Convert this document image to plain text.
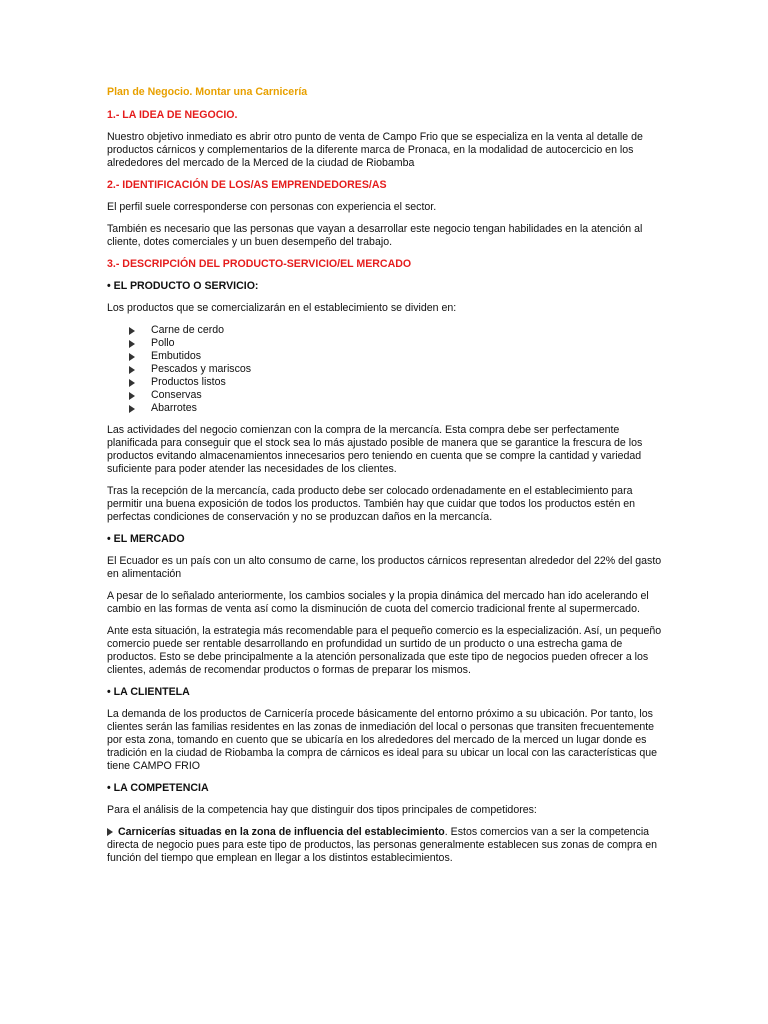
Plan de Negocio. Montar una Carnicería
1.- LA IDEA DE NEGOCIO.

Nuestro objetivo inmediato es abrir otro punto de venta de Campo Frio que se especializa en la venta al detalle de productos cárnicos y complementarios de la diferente marca de Pronaca, en la modalidad de autocercicio en los alrededores del mercado de la Merced de la ciudad de Riobamba

2.- IDENTIFICACIÓN DE LOS/AS EMPRENDEDORES/AS

El perfil suele corresponderse con personas con experiencia el sector.

También es necesario que las personas que vayan a desarrollar este negocio tengan habilidades en la atención al cliente, dotes comerciales y un buen desempeño del trabajo.

3.- DESCRIPCIÓN DEL PRODUCTO-SERVICIO/EL MERCADO
• EL PRODUCTO O SERVICIO:

Los productos que se comercializarán en el establecimiento se dividen en:

Carne de cerdo
Pollo
Embutidos
Pescados y mariscos
Productos listos
Conservas
Abarrotes

Las actividades del negocio comienzan con la compra de la mercancía. Esta compra debe ser perfectamente planificada para conseguir que el stock sea lo más ajustado posible de manera que se garantice la frescura de los productos evitando almacenamientos innecesarios pero teniendo en cuenta que se compre la cantidad y variedad suficiente para poder atender las necesidades de los clientes.

Tras la recepción de la mercancía, cada producto debe ser colocado ordenadamente en el establecimiento para permitir una buena exposición de todos los productos. También hay que cuidar que todos los productos estén en perfectas condiciones de conservación y no se produzcan daños en la mercancía.

• EL MERCADO

El Ecuador es un país con un alto consumo de carne, los productos cárnicos representan alrededor del 22% del gasto en alimentación

A pesar de lo señalado anteriormente, los cambios sociales y la propia dinámica del mercado han ido acelerando el cambio en las formas de venta así como la disminución de cuota del comercio tradicional frente al supermercado.

Ante esta situación, la estrategia más recomendable para el pequeño comercio es la especialización. Así, un pequeño comercio puede ser rentable desarrollando en profundidad un surtido de un producto o una estrecha gama de productos. Esto se debe principalmente a la atención personalizada que este tipo de negocios pueden ofrecer a los clientes, además de recomendar productos o formas de preparar los mismos.

• LA CLIENTELA

La demanda de los productos de Carnicería procede básicamente del entorno próximo a su ubicación. Por tanto, los clientes serán las familias residentes en las zonas de inmediación del local o personas que transiten frecuentemente por esta zona, tomando en cuento que se ubicaría en los alrededores del mercado de la merced un lugar donde es tradición en la ciudad de Riobamba la compra de cárnicos es ideal para su ubicar un local con las características que tiene CAMPO FRIO

• LA COMPETENCIA

Para el análisis de la competencia hay que distinguir dos tipos principales de competidores:

Carnicerías situadas en la zona de influencia del establecimiento. Estos comercios van a ser la competencia directa de negocio pues para este tipo de productos, las personas generalmente establecen sus zonas de compra en función del tiempo que emplean en llegar a los distintos establecimientos.
